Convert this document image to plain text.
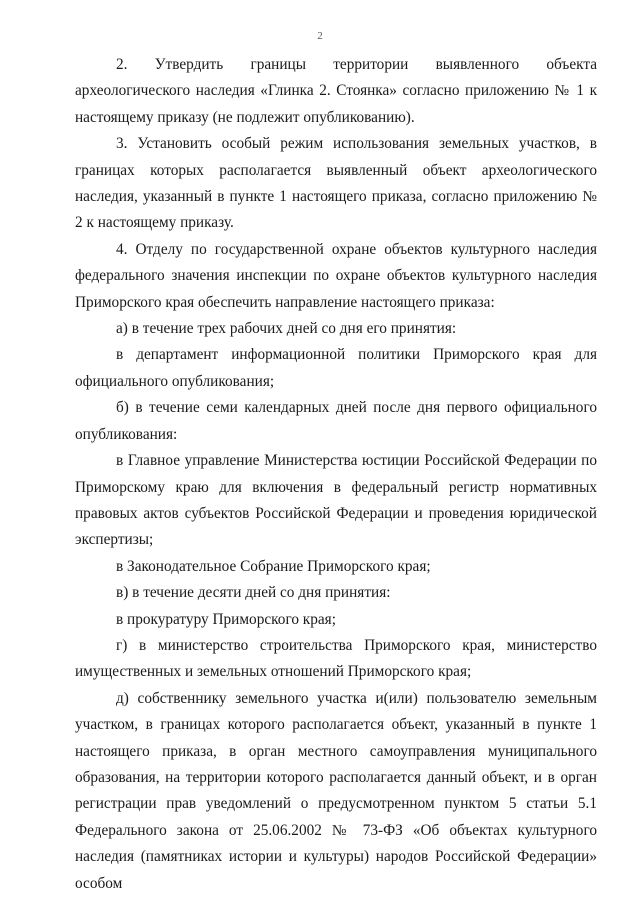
2

2. Утвердить границы территории выявленного объекта археологического наследия «Глинка 2. Стоянка» согласно приложению № 1 к настоящему приказу (не подлежит опубликованию).

3. Установить особый режим использования земельных участков, в границах которых располагается выявленный объект археологического наследия, указанный в пункте 1 настоящего приказа, согласно приложению № 2 к настоящему приказу.

4. Отделу по государственной охране объектов культурного наследия федерального значения инспекции по охране объектов культурного наследия Приморского края обеспечить направление настоящего приказа:

а) в течение трех рабочих дней со дня его принятия:

в департамент информационной политики Приморского края для официального опубликования;

б) в течение семи календарных дней после дня первого официального опубликования:

в Главное управление Министерства юстиции Российской Федерации по Приморскому краю для включения в федеральный регистр нормативных правовых актов субъектов Российской Федерации и проведения юридической экспертизы;

в Законодательное Собрание Приморского края;

в) в течение десяти дней со дня принятия:

в прокуратуру Приморского края;

г) в министерство строительства Приморского края, министерство имущественных и земельных отношений Приморского края;

д) собственнику земельного участка и(или) пользователю земельным участком, в границах которого располагается объект, указанный в пункте 1 настоящего приказа, в орган местного самоуправления муниципального образования, на территории которого располагается данный объект, и в орган регистрации прав уведомлений о предусмотренном пунктом 5 статьи 5.1 Федерального закона от 25.06.2002 № 73-ФЗ «Об объектах культурного наследия (памятниках истории и культуры) народов Российской Федерации» особом
